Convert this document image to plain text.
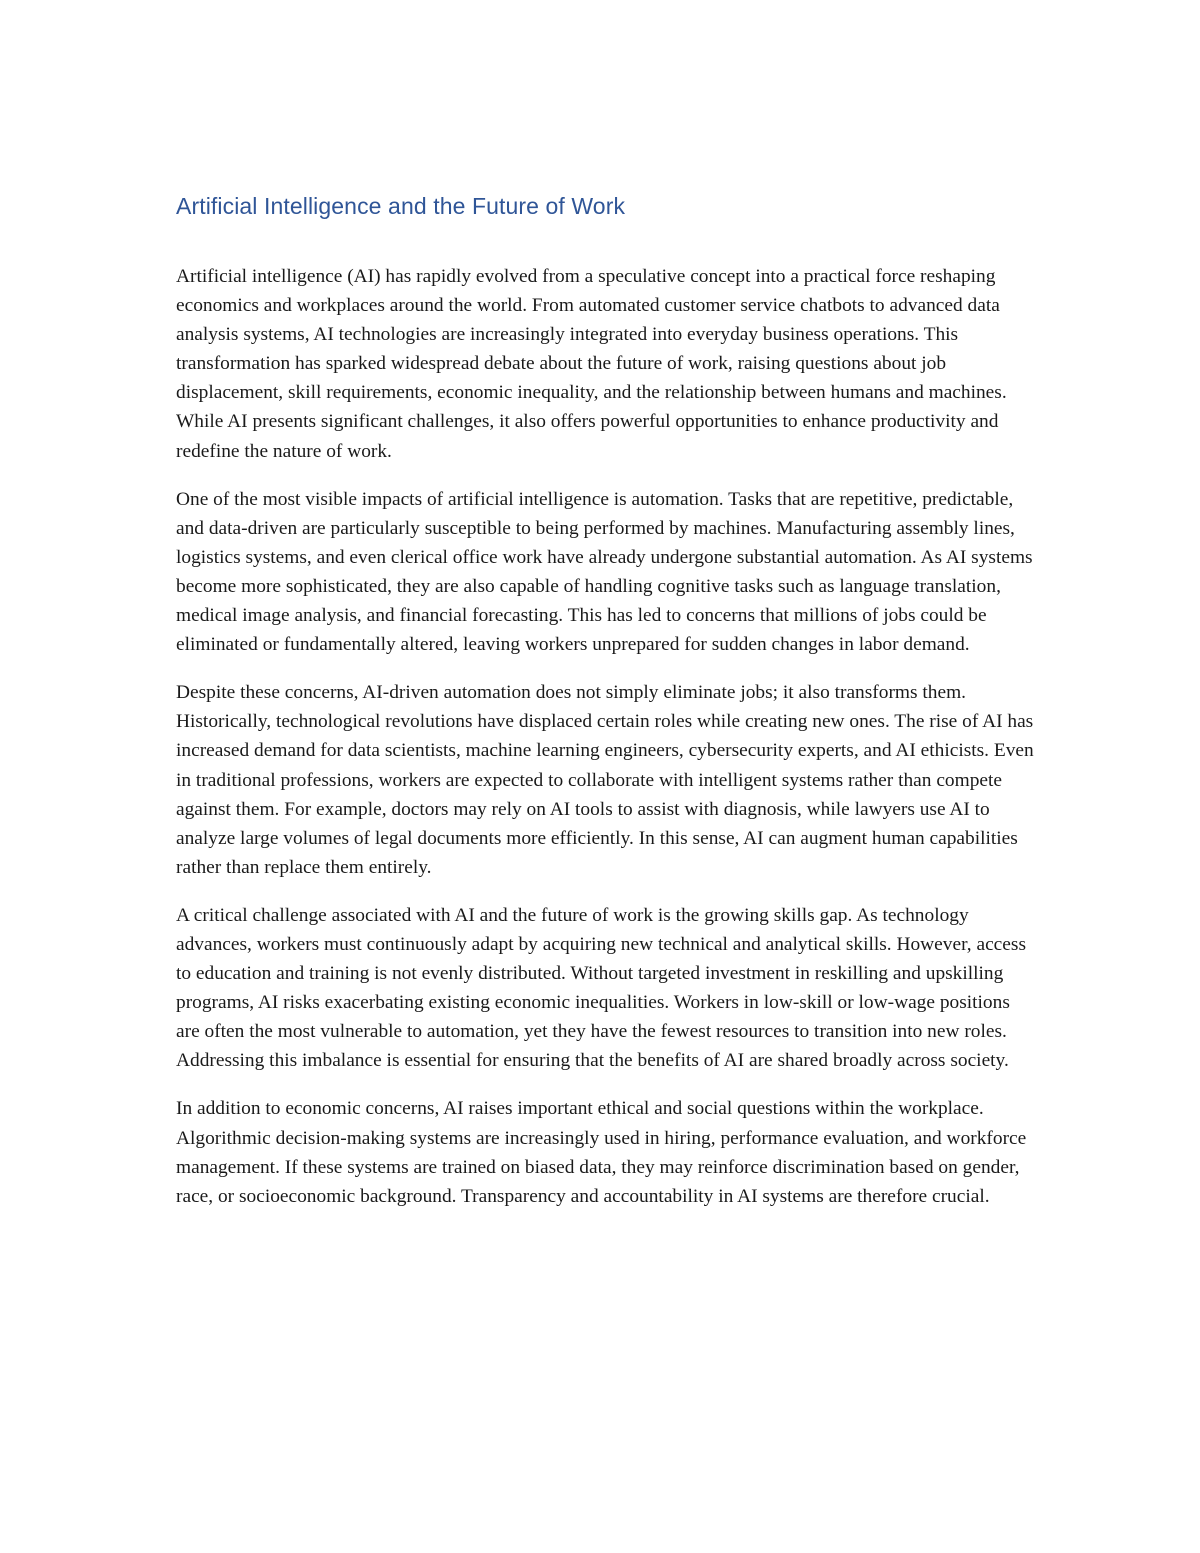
Artificial Intelligence and the Future of Work

Artificial intelligence (AI) has rapidly evolved from a speculative concept into a practical force reshaping economics and workplaces around the world. From automated customer service chatbots to advanced data analysis systems, AI technologies are increasingly integrated into everyday business operations. This transformation has sparked widespread debate about the future of work, raising questions about job displacement, skill requirements, economic inequality, and the relationship between humans and machines. While AI presents significant challenges, it also offers powerful opportunities to enhance productivity and redefine the nature of work.

One of the most visible impacts of artificial intelligence is automation. Tasks that are repetitive, predictable, and data-driven are particularly susceptible to being performed by machines. Manufacturing assembly lines, logistics systems, and even clerical office work have already undergone substantial automation. As AI systems become more sophisticated, they are also capable of handling cognitive tasks such as language translation, medical image analysis, and financial forecasting. This has led to concerns that millions of jobs could be eliminated or fundamentally altered, leaving workers unprepared for sudden changes in labor demand.

Despite these concerns, AI-driven automation does not simply eliminate jobs; it also transforms them. Historically, technological revolutions have displaced certain roles while creating new ones. The rise of AI has increased demand for data scientists, machine learning engineers, cybersecurity experts, and AI ethicists. Even in traditional professions, workers are expected to collaborate with intelligent systems rather than compete against them. For example, doctors may rely on AI tools to assist with diagnosis, while lawyers use AI to analyze large volumes of legal documents more efficiently. In this sense, AI can augment human capabilities rather than replace them entirely.

A critical challenge associated with AI and the future of work is the growing skills gap. As technology advances, workers must continuously adapt by acquiring new technical and analytical skills. However, access to education and training is not evenly distributed. Without targeted investment in reskilling and upskilling programs, AI risks exacerbating existing economic inequalities. Workers in low-skill or low-wage positions are often the most vulnerable to automation, yet they have the fewest resources to transition into new roles. Addressing this imbalance is essential for ensuring that the benefits of AI are shared broadly across society.

In addition to economic concerns, AI raises important ethical and social questions within the workplace. Algorithmic decision-making systems are increasingly used in hiring, performance evaluation, and workforce management. If these systems are trained on biased data, they may reinforce discrimination based on gender, race, or socioeconomic background. Transparency and accountability in AI systems are therefore crucial.
